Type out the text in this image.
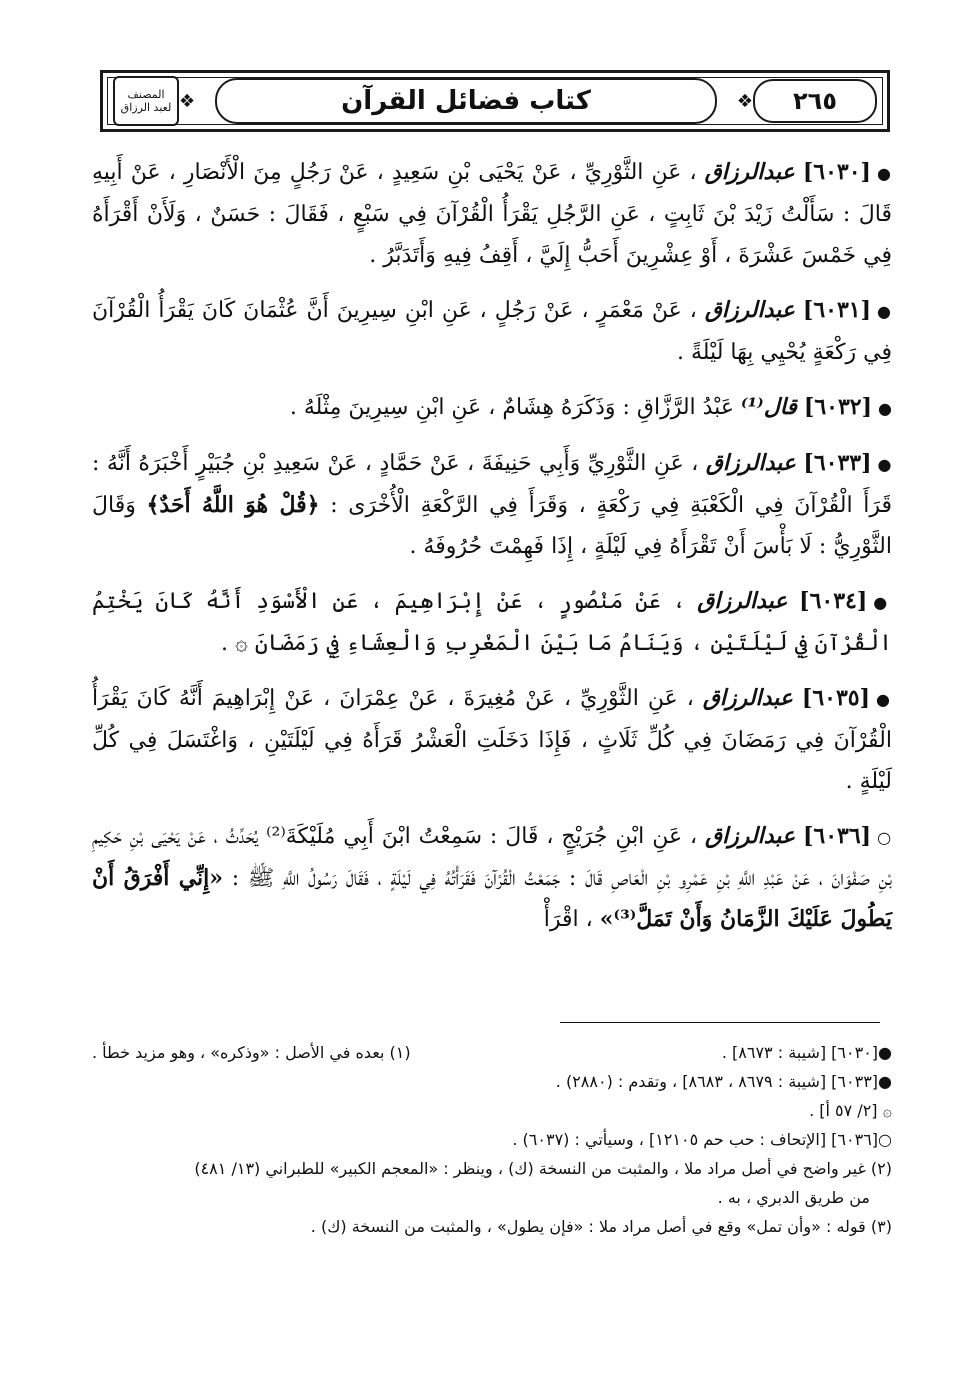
المصنف
لعبد الرزاق ❖	كتاب فضائل القرآن	❖	٢٦٥

●[٦٠٣٠] عبدالرزاق ، عَنِ الثَّوْرِيِّ ، عَنْ يَحْيَى بْنِ سَعِيدٍ ، عَنْ رَجُلٍ مِنَ الْأَنْصَارِ ، عَنْ أَبِيهِ قَالَ : سَأَلْتُ زَيْدَ بْنَ ثَابِتٍ ، عَنِ الرَّجُلِ يَقْرَأُ الْقُرْآنَ فِي سَبْعٍ ، فَقَالَ : حَسَنٌ ، وَلَأَنْ أَقْرَأَهُ فِي خَمْسَ عَشْرَةَ ، أَوْ عِشْرِينَ أَحَبُّ إِلَيَّ ، أَقِفُ فِيهِ وَأَتَدَبَّرُ .

●[٦٠٣١] عبدالرزاق ، عَنْ مَعْمَرٍ ، عَنْ رَجُلٍ ، عَنِ ابْنِ سِيرِينَ أَنَّ عُثْمَانَ كَانَ يَقْرَأُ الْقُرْآنَ فِي رَكْعَةٍ يُحْيِي بِهَا لَيْلَةً .

●[٦٠٣٢] قال⁽¹⁾ عَبْدُ الرَّزَّاقِ : وَذَكَرَهُ هِشَامٌ ، عَنِ ابْنِ سِيرِينَ مِثْلَهُ .

●[٦٠٣٣] عبدالرزاق ، عَنِ الثَّوْرِيِّ وَأَبِي حَنِيفَةَ ، عَنْ حَمَّادٍ ، عَنْ سَعِيدِ بْنِ جُبَيْرٍ أَخْبَرَهُ أَنَّهُ : قَرَأَ الْقُرْآنَ فِي الْكَعْبَةِ فِي رَكْعَةٍ ، وَقَرَأَ فِي الرَّكْعَةِ الْأُخْرَى : ﴿قُلْ هُوَ اللَّهُ أَحَدٌ﴾ وَقَالَ الثَّوْرِيُّ : لَا بَأْسَ أَنْ تَقْرَأَهُ فِي لَيْلَةٍ ، إِذَا فَهِمْتَ حُرُوفَهُ .

●[٦٠٣٤] عبدالرزاق ، عَنْ مَنْصُورٍ ، عَنْ إِبْرَاهِيمَ ، عَنِ الْأَسْوَدِ أَنَّهُ كَانَ يَخْتِمُ الْقُرْآنَ فِي لَيْلَتَيْنِ ، وَيَنَامُ مَا بَيْنَ الْمَغْرِبِ وَالْعِشَاءِ فِي رَمَضَانَ ۞ .

●[٦٠٣٥] عبدالرزاق ، عَنِ الثَّوْرِيِّ ، عَنْ مُغِيرَةَ ، عَنْ عِمْرَانَ ، عَنْ إِبْرَاهِيمَ أَنَّهُ كَانَ يَقْرَأُ الْقُرْآنَ فِي رَمَضَانَ فِي كُلِّ ثَلَاثٍ ، فَإِذَا دَخَلَتِ الْعَشْرُ قَرَأَهُ فِي لَيْلَتَيْنِ ، وَاغْتَسَلَ فِي كُلِّ لَيْلَةٍ .

○[٦٠٣٦] عبدالرزاق ، عَنِ ابْنِ جُرَيْجٍ ، قَالَ : سَمِعْتُ ابْنَ أَبِي مُلَيْكَةَ⁽²⁾ يُحَدِّثُ ، عَنْ يَحْيَى بْنِ حَكِيمِ بْنِ صَفْوَانَ ، عَنْ عَبْدِ اللَّهِ بْنِ عَمْرِو بْنِ الْعَاصِ قَالَ : جَمَعْتُ الْقُرْآنَ فَقَرَأْتُهُ فِي لَيْلَةٍ ، فَقَالَ رَسُولُ اللَّهِ ﷺ : «إِنِّي أَفْرَقُ أَنْ يَطُولَ عَلَيْكَ الزَّمَانُ وَأَنْ تَمَلَّ⁽³⁾» ، اقْرَأْ

●[٦٠٣٠] [شيبة : ٨٦٧٣] .
(١) بعده في الأصل : «وذكره» ، وهو مزيد خطأ .

●[٦٠٣٣] [شيبة : ٨٦٧٩ ، ٨٦٨٣] ، وتقدم : (٢٨٨٠) .

۞ [٢/ ٥٧ أ] .

○[٦٠٣٦] [الإتحاف : حب حم ١٢١٠٥] ، وسيأتي : (٦٠٣٧) .

(٢) غير واضح في أصل مراد ملا ، والمثبت من النسخة (ك) ، وينظر : «المعجم الكبير» للطبراني (١٣/ ٤٨١)

من طريق الدبري ، به .

(٣) قوله : «وأن تمل» وقع في أصل مراد ملا : «فإن يطول» ، والمثبت من النسخة (ك) .
